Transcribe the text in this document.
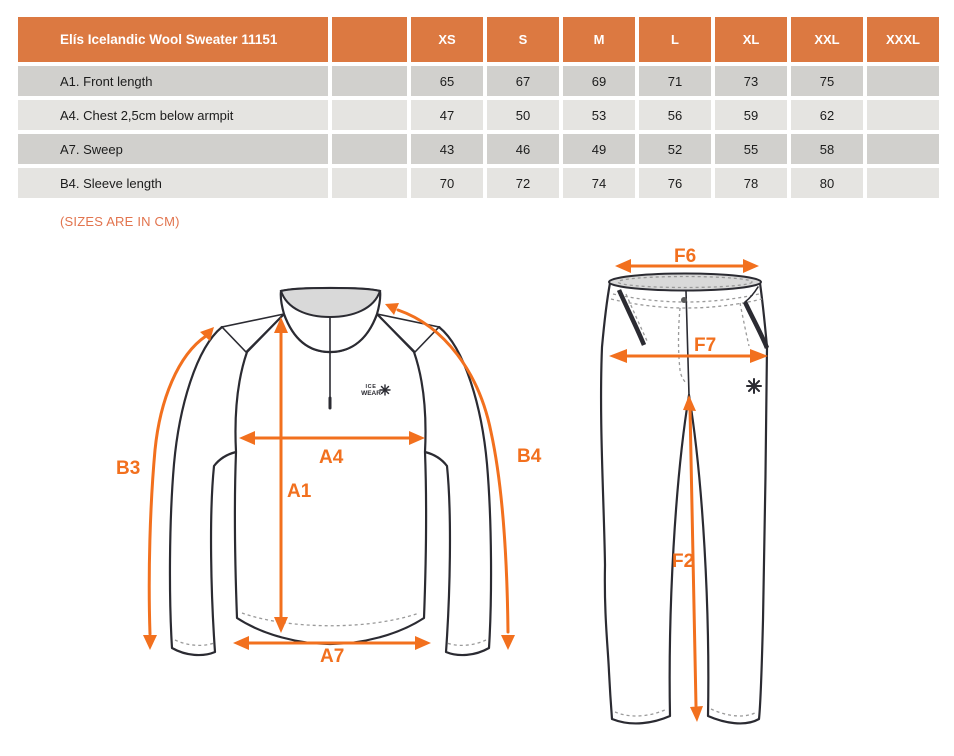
Elís Icelandic Wool Sweater 11151	XS	S	M	L	XL	XXL	XXXL
A1. Front length	65	67	69	71	73	75
A4. Chest 2,5cm below armpit	47	50	53	56	59	62
A7. Sweep	43	46	49	52	55	58
B4. Sleeve length	70	72	74	76	78	80
(SIZES ARE IN CM)
ICE
WEAR
B3
A4
A1
A7
B4
F6
F7
F2
